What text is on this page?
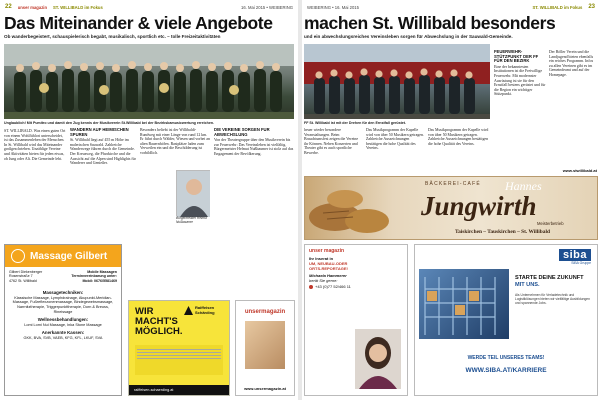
22 unser magazin ST. WILLIBALD im Fokus	16. Mai 2015 • WEIBERING
Das Miteinander & viele Angebote
Ob wanderbegeistert, schauspielerisch begabt, musikalisch, sportlich etc. – tolle Freizeitaktivitäten
Unglaublich! Mit Pumitro und damit den Zug kennis der Musikverein St.Willibald bei der Bezirksbamusicwertung erreichen.

ST. WILLIBALD. Was einen guten Ort von einem Wohlfühlort unterscheidet, ist das Zusammenleben der Menschen. In St. Willibald wird das Miteinander großgeschrieben. Unzählige Vereine und Aktivitäten bieten für jeden etwas, ob Jung oder Alt. Die Gemeinde lebt.

WANDERN AUF HEIMISCHEN SPUREN

St. Willibald liegt auf 455 m Höhe im malerischen Sauwald. Zahlreiche Wanderwege führen durch die Gemeinde. Der Kreuzweg, die Pfarrkirche und die Aussicht auf die Alpen sind Highlights für Wanderer und Genießer.

Besonders beliebt ist der Willibaldi-Rundweg mit einer Länge von rund 12 km. Er führt durch Wälder, Wiesen und vorbei an alten Bauernhöfen. Rastplätze laden zum Verweilen ein und die Beschilderung ist vorbildlich.

Bürgermeister Helmut Nußbaumer
DIE VEREINE SORGEN FÜR ABWECHSLUNG

Von der Theatergruppe über den Musikverein bis zur Feuerwehr: Das Vereinsleben ist vielfältig. Bürgermeister Helmut Nußbaumer ist stolz auf das Engagement der Bevölkerung.

Massage Gilbert
Gilbert Diekenberger
Rosenstraße 7
4762 St. Willibald
Mobile Massagen
Terminvereinbarung unter:
Mobil: 0676/5581469
Massagetechniken:
Klassische Massage, Lymphdrainage, Akupunkt-Meridian-Massage, Fußreflexzonenmassage, Bindegewebsmassage, Narrnitztherapie, Triggerpunkttherapie, Dorn & Breuss, Rineissage
Wellnessbehandlungen:
Lomi Lomi Nui Massage, Inka Stone Massage
Anerkannte Kassen:
GKK, BVA, SVB, VAEB, KFG, KFL, LKUF, SVA
WIR
MACHT'S
MÖGLICH.
Raiffeisen Schärding
raiffeisen-schaerding.at
unsermagazin
www.unsermagazin.at
WEIBERING • 16. Mai 2015	ST. WILLIBALD im Fokus 23
machen St. Willibald besonders
und ein abwechslungsreiches Vereinsleben sorgen für Abwechslung in der Sauwald-Gemeinde.
FF St. Willibald ist mit der Drehen für den Ernstfall gerüstet.

heuer wieder besondere Veranstaltungen. Beim Brauchtumsfest zeigen die Vereine ihr Können. Neben Konzerten und Theater gibt es auch sportliche Bewerbe.

Das Musikprogramm der Kapelle wird von über 50 Musikern getragen. Zahlreiche Auszeichnungen bestätigen die hohe Qualität des Vereins.

Das Musikprogramm der Kapelle wird von über 50 Musikern getragen. Zahlreiche Auszeichnungen bestätigen die hohe Qualität des Vereins.

FEUERWEHR-STÜTZPUNKT DER FF FÜR DEN BEZIRK

Eine der bekanntesten Institutionen ist die Freiwillige Feuerwehr. Mit modernster Ausrüstung ist sie für den Ernstfall bestens gerüstet und für die Region ein wichtiger Stützpunkt.

Der Böller Verein und die Landjugend bieten ebenfalls ein reiches Programm. Infos zu allen Vereinen gibt es im Gemeindeamt und auf der Homepage.

www.stwillibald.at
BÄCKEREI-CAFÉ Hannes
Jungwirth
Meisterbetrieb
Taiskirchen – Tauskirchen – St. Willibald
unser magazin
Ihr Inserat in
UM, NEUBAU-ODER
ORTS-REPORTAGE!
Michaela Hammerer
berät Sie gerne:
+43 (0)77 52/466 11
siba
SIBA Gruppe
STARTE DEINE ZUKUNFT
MIT UNS.
Als Unternehmen für Verladetechnik und Logistiklösungen bieten wir vielfältige Ausbildungen und spannende Jobs.
WERDE TEIL UNSERES TEAMS!
WWW.SIBA.AT/KARRIERE
